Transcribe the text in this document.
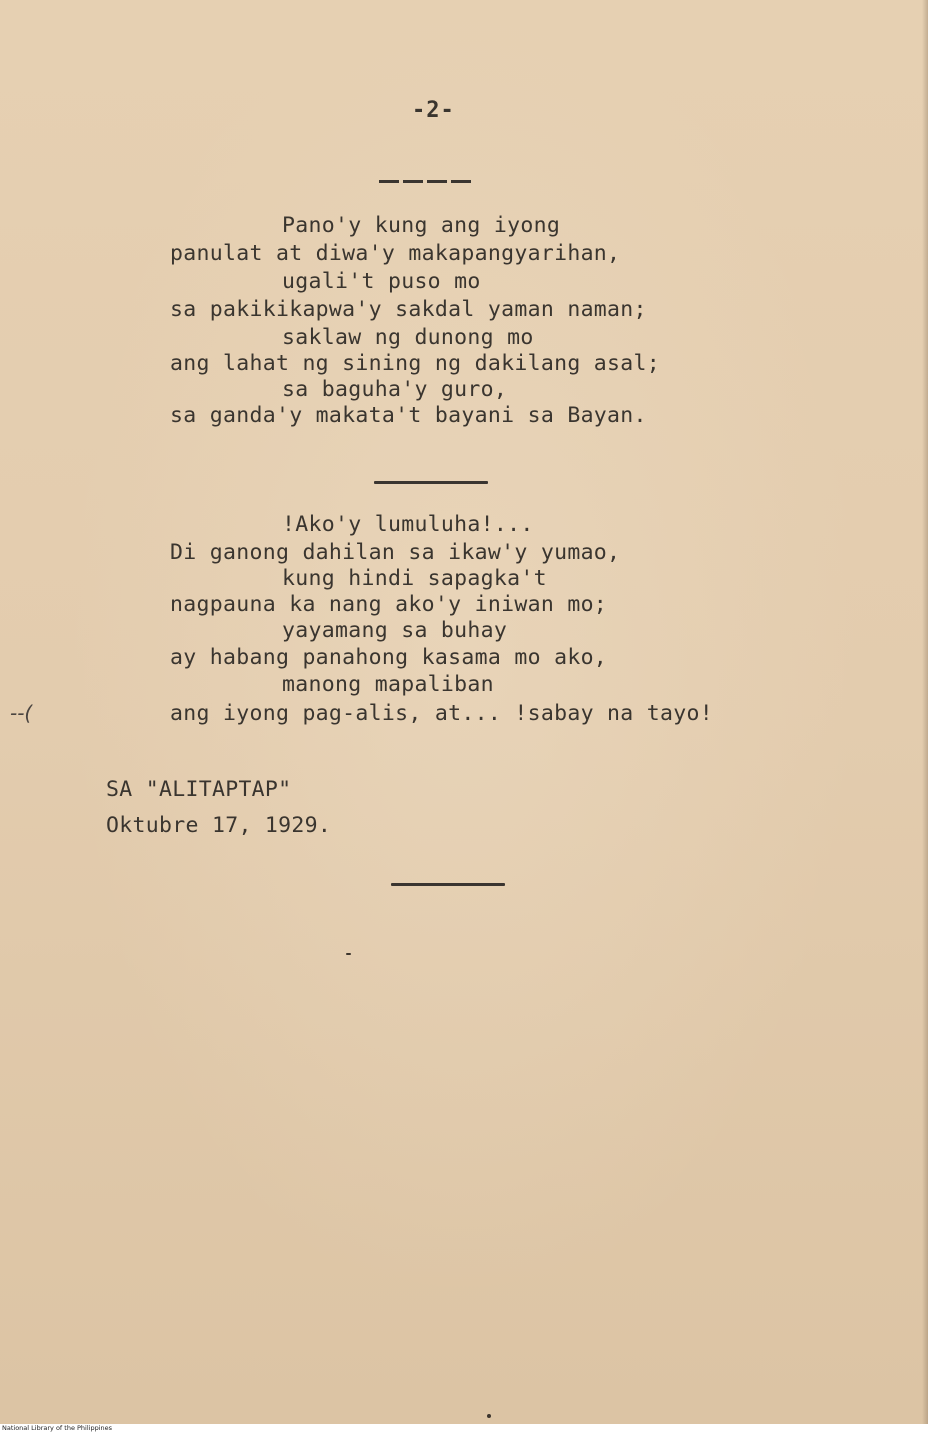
-2-
Pano'y kung ang iyong
panulat at diwa'y makapangyarihan,
ugali't puso mo
sa pakikikapwa'y sakdal yaman naman;
saklaw ng dunong mo
ang lahat ng sining ng dakilang asal;
sa baguha'y guro,
sa ganda'y makata't bayani sa Bayan.
!Ako'y lumuluha!...
Di ganong dahilan sa ikaw'y yumao,
kung hindi sapagka't
nagpauna ka nang ako'y iniwan mo;
yayamang sa buhay
ay habang panahong kasama mo ako,
manong mapaliban
ang iyong pag-alis, at... !sabay na tayo!
--(
SA "ALITAPTAP"
Oktubre 17, 1929.
National Library of the Philippines
